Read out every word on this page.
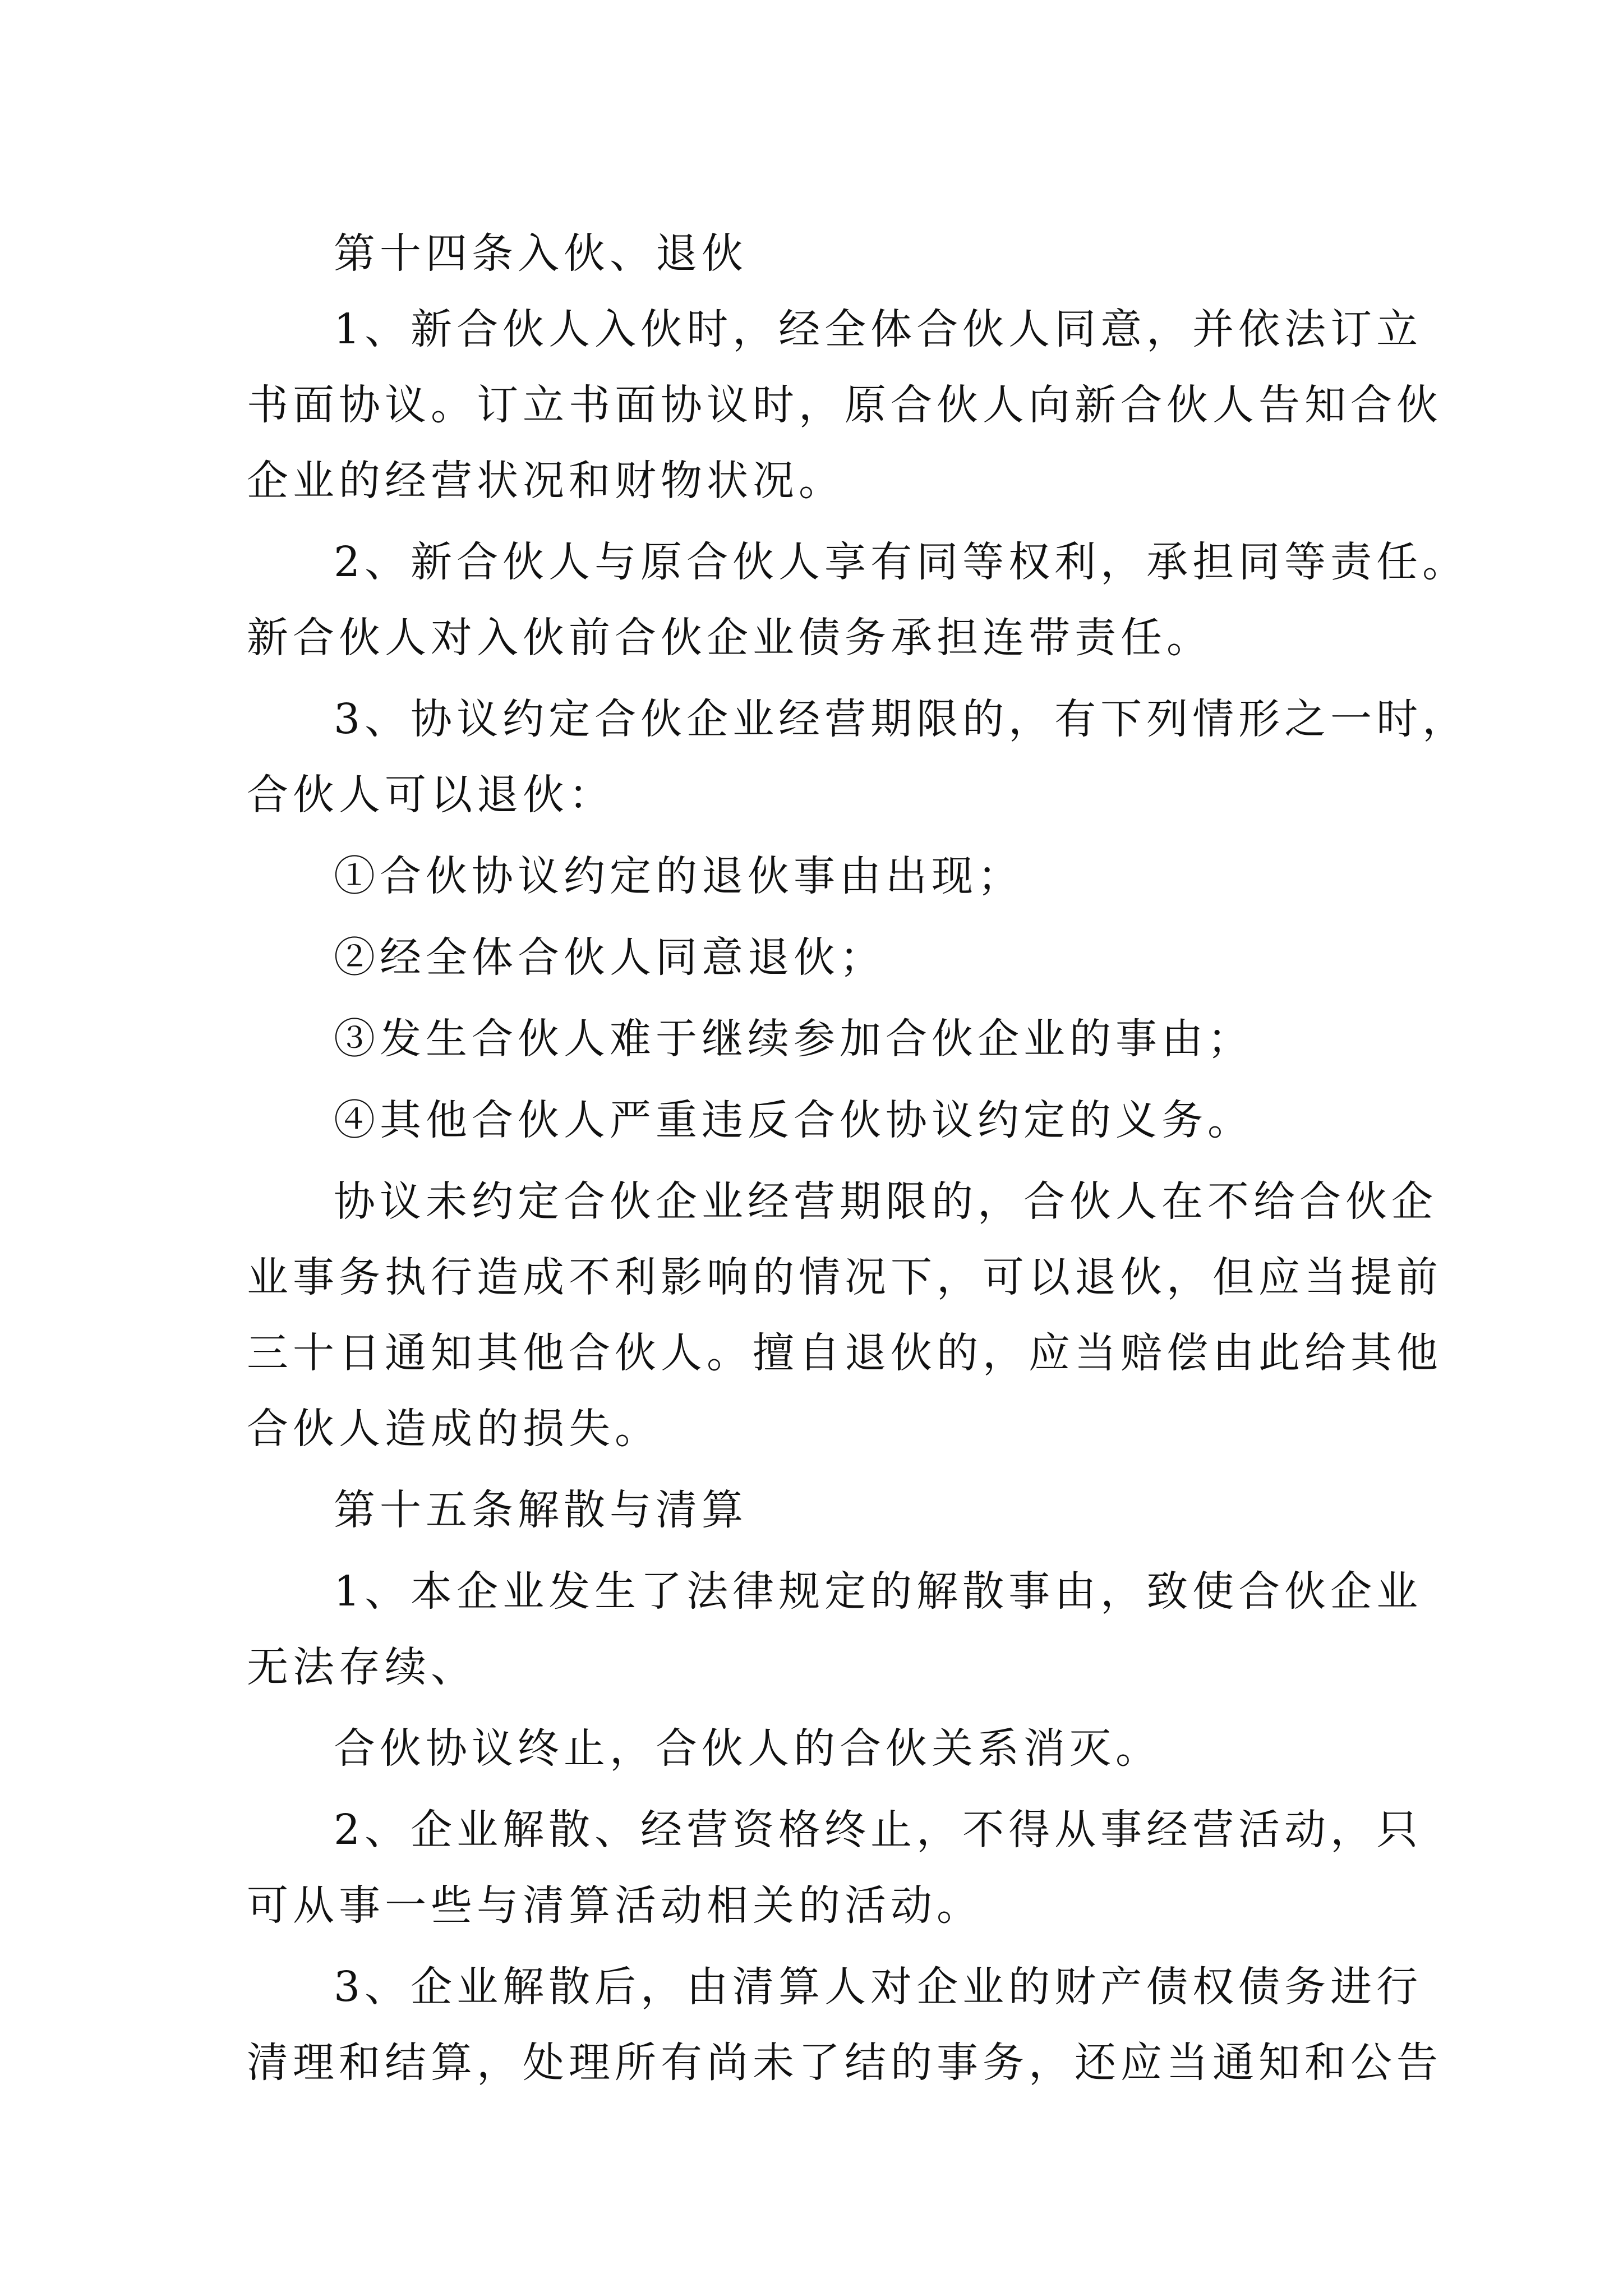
第十四条入伙、退伙
1、新合伙人入伙时，经全体合伙人同意，并依法订立
书面协议。订立书面协议时，原合伙人向新合伙人告知合伙
企业的经营状况和财物状况。
2、新合伙人与原合伙人享有同等权利，承担同等责任。
新合伙人对入伙前合伙企业债务承担连带责任。
3、协议约定合伙企业经营期限的，有下列情形之一时，
合伙人可以退伙：
①合伙协议约定的退伙事由出现；
②经全体合伙人同意退伙；
③发生合伙人难于继续参加合伙企业的事由；
④其他合伙人严重违反合伙协议约定的义务。
协议未约定合伙企业经营期限的，合伙人在不给合伙企
业事务执行造成不利影响的情况下，可以退伙，但应当提前
三十日通知其他合伙人。擅自退伙的，应当赔偿由此给其他
合伙人造成的损失。
第十五条解散与清算
1、本企业发生了法律规定的解散事由，致使合伙企业
无法存续、
合伙协议终止，合伙人的合伙关系消灭。
2、企业解散、经营资格终止，不得从事经营活动，只
可从事一些与清算活动相关的活动。
3、企业解散后，由清算人对企业的财产债权债务进行
清理和结算，处理所有尚未了结的事务，还应当通知和公告
